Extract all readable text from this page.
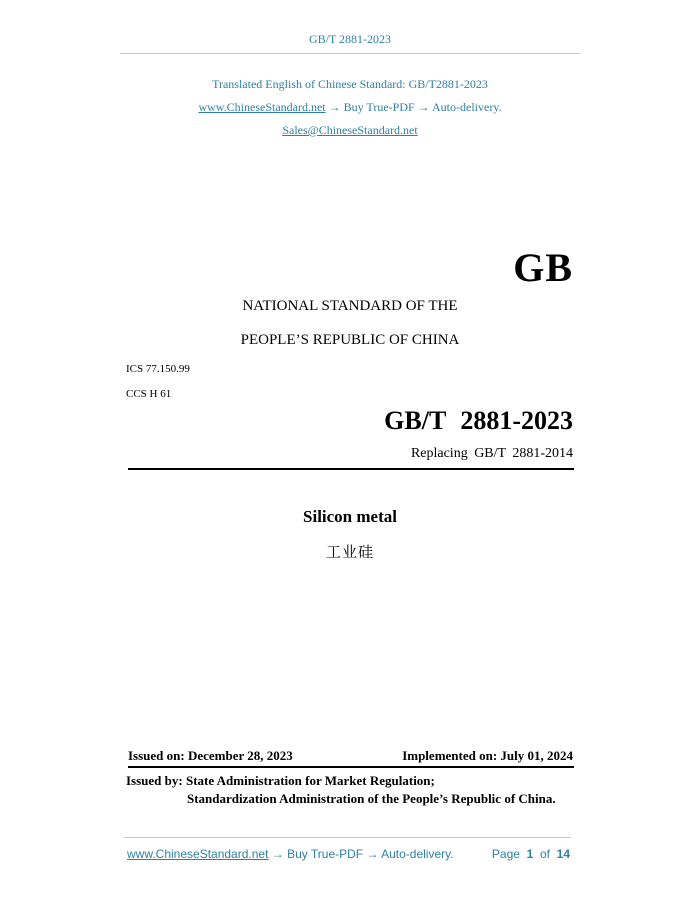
GB/T 2881-2023
Translated English of Chinese Standard: GB/T2881-2023
www.ChineseStandard.net → Buy True-PDF → Auto-delivery.
Sales@ChineseStandard.net
GB
NATIONAL STANDARD OF THE
PEOPLE’S REPUBLIC OF CHINA
ICS 77.150.99
CCS H 61
GB/T 2881-2023
Replacing GB/T 2881-2014
Silicon metal
工业硅
Issued on: December 28, 2023	Implemented on: July 01, 2024
Issued by: State Administration for Market Regulation;
Standardization Administration of the People’s Republic of China.
www.ChineseStandard.net → Buy True-PDF → Auto-delivery.	Page 1 of 14
